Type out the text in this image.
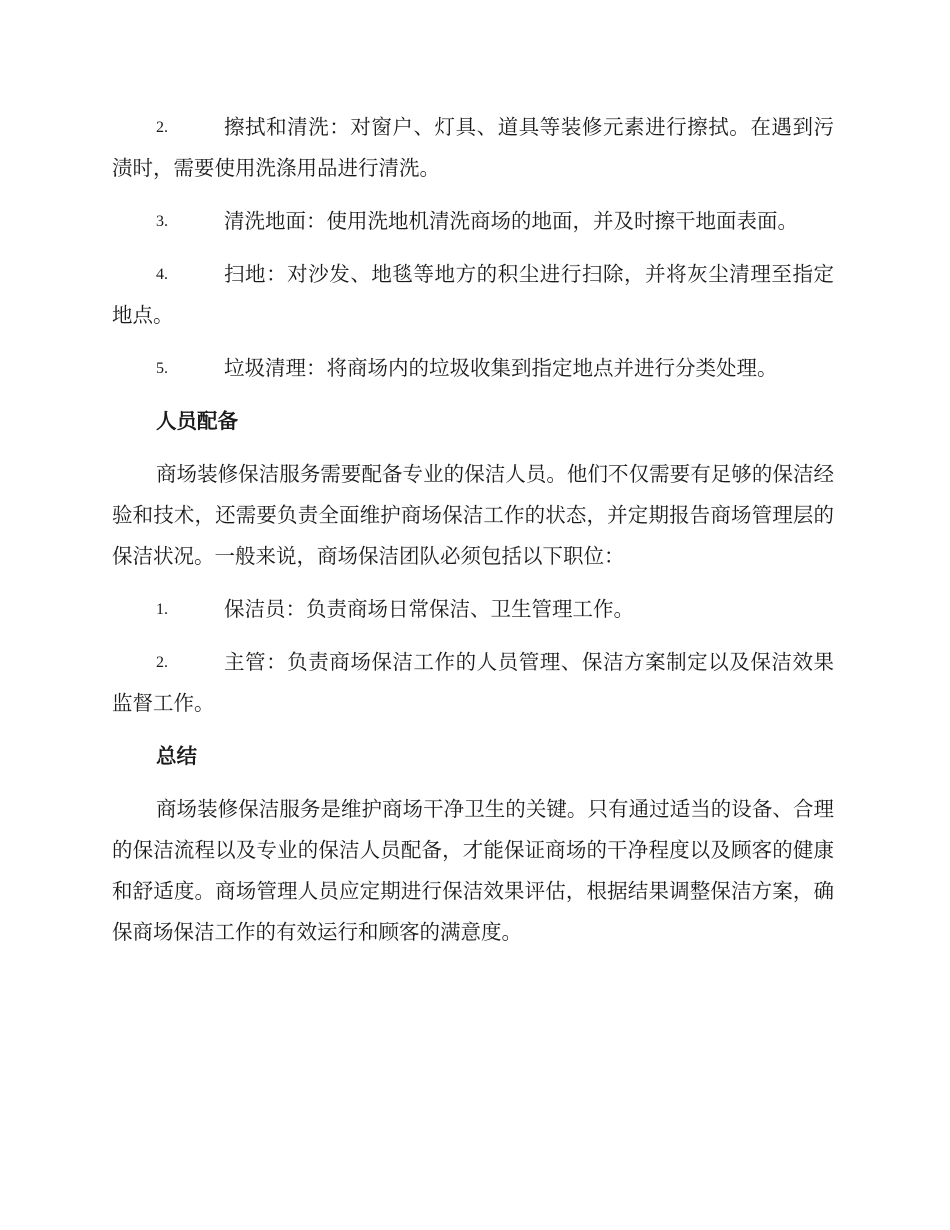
2.	擦拭和清洗：对窗户、灯具、道具等装修元素进行擦拭。在遇到污渍时，需要使用洗涤用品进行清洗。
3.	清洗地面：使用洗地机清洗商场的地面，并及时擦干地面表面。
4.	扫地：对沙发、地毯等地方的积尘进行扫除，并将灰尘清理至指定地点。
5.	垃圾清理：将商场内的垃圾收集到指定地点并进行分类处理。
人员配备
商场装修保洁服务需要配备专业的保洁人员。他们不仅需要有足够的保洁经验和技术，还需要负责全面维护商场保洁工作的状态，并定期报告商场管理层的保洁状况。一般来说，商场保洁团队必须包括以下职位：
1.	保洁员：负责商场日常保洁、卫生管理工作。
2.	主管：负责商场保洁工作的人员管理、保洁方案制定以及保洁效果监督工作。
总结
商场装修保洁服务是维护商场干净卫生的关键。只有通过适当的设备、合理的保洁流程以及专业的保洁人员配备，才能保证商场的干净程度以及顾客的健康和舒适度。商场管理人员应定期进行保洁效果评估，根据结果调整保洁方案，确保商场保洁工作的有效运行和顾客的满意度。
